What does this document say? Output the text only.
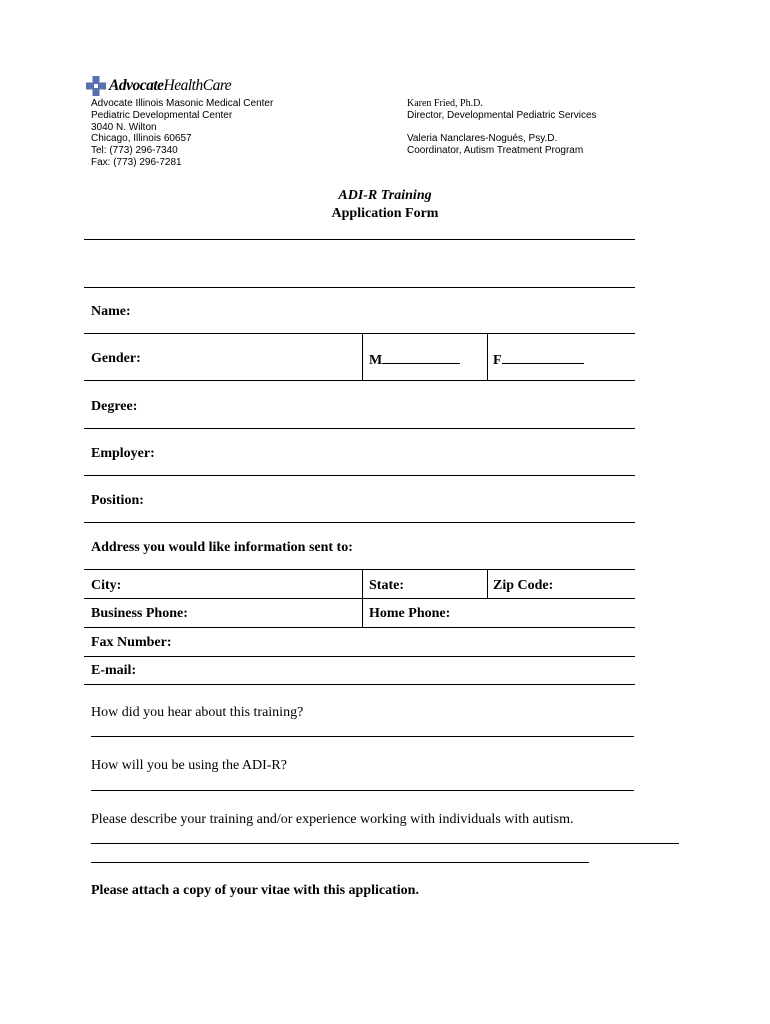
AdvocateHealthCare
Advocate Illinois Masonic Medical Center
Pediatric Developmental Center
3040 N. Wilton
Chicago, Illinois 60657
Tel: (773) 296-7340
Fax: (773) 296-7281
Karen Fried, Ph.D.
Director, Developmental Pediatric Services
Valeria Nanclares-Nogués, Psy.D.
Coordinator, Autism Treatment Program
ADI-R Training
Application Form
Name:
Gender:	M	F
Degree:
Employer:
Position:
Address you would like information sent to:
City:	State:	Zip Code:
Business Phone:	Home Phone:
Fax Number:
E-mail:
How did you hear about this training?
How will you be using the ADI-R?
Please describe your training and/or experience working with individuals with autism.
Please attach a copy of your vitae with this application.
